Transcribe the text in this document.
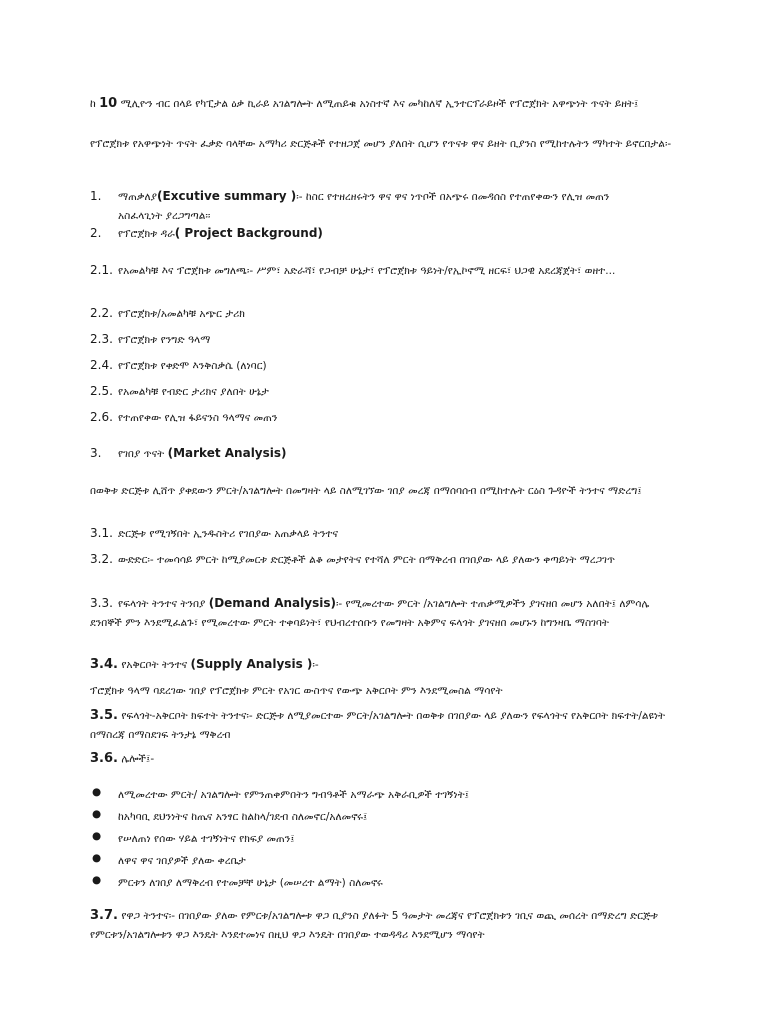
ከ 10 ሚሊዮን ብር በላይ የካፒታል ዕቃ ኪራይ አገልግሎት ለሚጠይቁ አነስተኛ እና መካከለኛ ኢንተርፕራይዞች የፕሮጀክት አዋጭነት ጥናት ይዘት፤
የፕሮጀክቱ የአዋጭነት ጥናት ፈቃድ ባላቸው አማካሪ ድርጅቶች የተዘጋጀ መሆን ያለበት ሲሆን የጥናቱ ዋና ይዘት ቢያንስ የሚከተሉትን ማካተት ይኖርበታል፡-
1. ማጠቃለያ(Excutive summary )፡- ከስር የተዘረዘሩትን ዋና ዋና ነጥቦች በአጭሩ በመዳሰስ የተጠየቀውን የሊዝ መጠን
አስፈላጊነት ያረጋግጣል፡፡
2. የፕሮጀክቱ ዳራ( Project Background)
2.1. የአመልካቹ እና ፕሮጀክቱ መግለጫ፡- ሥም፣ አድራሻ፣ የጋብቻ ሁኔታ፣ የፕሮጀክቱ ዓይነት/የኢኮኖሚ ዘርፍ፣ ህጋዊ አደረጃጀት፣ ወዘተ...
2.2. የፕሮጀክቱ/አመልካቹ አጭር ታሪክ
2.3. የፕሮጀክቱ የንግድ ዓላማ
2.4. የፕሮጀክቱ የቀድሞ እንቅስቃሴ (ለነባር)
2.5. የአመልካቹ የብድር ታሪክና ያለበት ሁኔታ
2.6. የተጠየቀው የሊዝ ፋይናንስ ዓላማና መጠን
3. የገበያ ጥናት (Market Analysis)
በወቅቱ ድርጅቱ ሊሸጥ ያቀደውን ምርት/አገልግሎት በመግዛት ላይ ስለሚገኘው ገበያ መረጃ በማሰባሰብ በሚከተሉት ርዕስ ጉዳዮች ትንተና ማድረግ፤
3.1. ድርጅቱ የሚገኝበት ኢንዱስትሪ የገበያው አጠቃላይ ትንተና
3.2. ውድድር፡- ተመሳሳይ ምርት ከሚያመርቱ ድርጅቶች ልቆ መታየትና የተሻለ ምርት በማቅረብ በገበያው ላይ ያለውን ቀጣይነት ማረጋገጥ
3.3. የፍላጎት ትንተና ትንበያ (Demand Analysis)፡- የሚመረተው ምርት /አገልግሎት ተጠቃሚዎችን ያገናዘበ መሆን አለበት፤ ለምሳሌ ደንበኞች ምን እንደሚፈልጉ፣ የሚመረተው ምርት ተቀባይነት፣ የህብረተሰቡን የመግዛት አቅምና ፍላጎት ያገናዘበ መሆኑን ከግንዛቤ ማስገባት
3.4. የአቅርቦት ትንተና (Supply Analysis )፡-
ፕሮጀክቱ ዓላማ ባደረገው ገበያ የፕሮጀክቱ ምርት የአገር ውስጥና የውጭ አቅርቦት ምን እንደሚመስል ማሳየት
3.5. የፍላጎት-አቅርቦት ክፍተት ትንተና፡- ድርጅቱ ለሚያመርተው ምርት/አገልግሎት በወቅቱ በገበያው ላይ ያለውን የፍላጎትና የአቅርቦት ክፍተት/ልዩነት በማስረጃ በማስደገፍ ትንታኔ ማቅረብ
3.6. ሌሎች፤-
● ለሚመረተው ምርት/ አገልግሎት የምንጠቀምበትን ግብዓቶች አማራጭ አቅራቢዎች ተገኝነት፤
● ከአካባቢ ደህንነትና ከጤና አንፃር ከልከላ/ገደብ ስለመኖር/አለመኖሩ፤
● የሠለጠነ የሰው ሃይል ተገኝነትና የክፍያ መጠን፤
● ለዋና ዋና ገበያዎች ያለው ቀረቤታ
● ምርቱን ለገበያ ለማቅረብ የተመቻቸ ሁኔታ (መሠረተ ልማት) ስለመኖሩ
3.7. የዋጋ ትንተና፡- በገበያው ያለው የምርቱ/አገልግሎቱ ዋጋ ቢያንስ ያለፉት 5 ዓመታት መረጃና የፕሮጀክቱን ገቢና ወጪ መሰረት በማድረግ ድርጅቱ የምርቱን/አገልግሎቱን ዋጋ እንዴት እንደተመነና በዚህ ዋጋ እንዴት በገበያው ተወዳዳሪ እንደሚሆን ማሳየት
